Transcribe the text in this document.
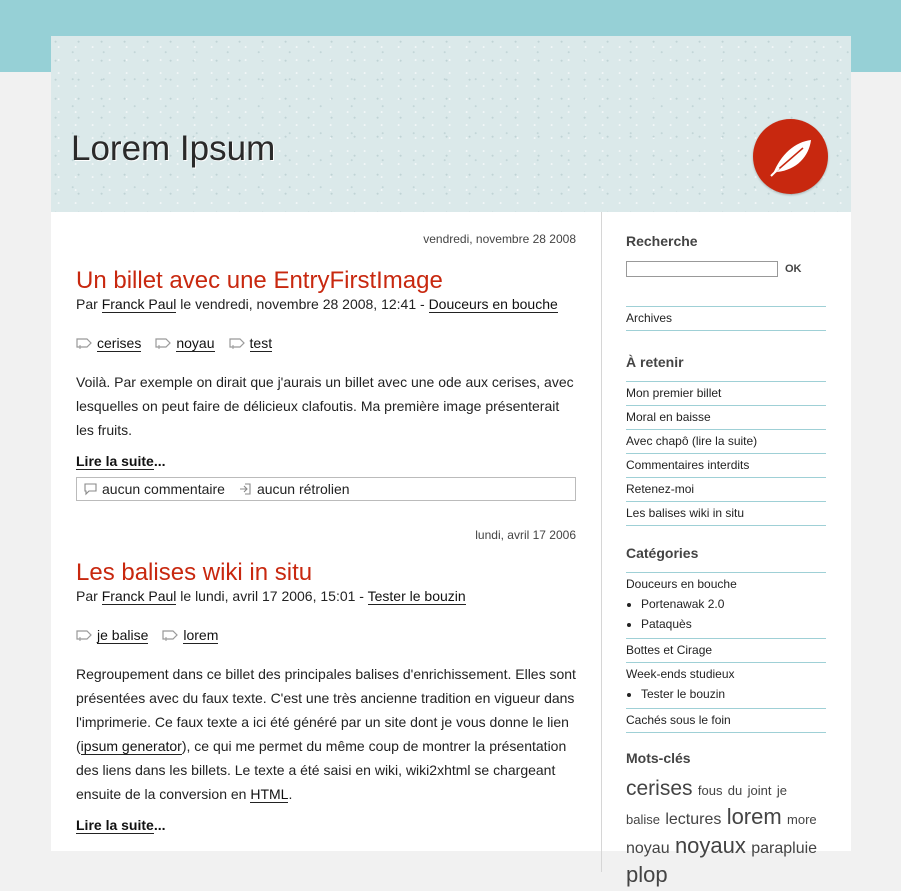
Lorem Ipsum

vendredi, novembre 28 2008

Un billet avec une EntryFirstImage
Par Franck Paul le vendredi, novembre 28 2008, 12:41 - Douceurs en bouche
cerises	noyau	test

Voilà. Par exemple on dirait que j'aurais un billet avec une ode aux cerises, avec lesquelles on peut faire de délicieux clafoutis. Ma première image présenterait les fruits.

Lire la suite...
aucun commentaire aucun rétrolien

lundi, avril 17 2006

Les balises wiki in situ
Par Franck Paul le lundi, avril 17 2006, 15:01 - Tester le bouzin
je balise	lorem

Regroupement dans ce billet des principales balises d'enrichissement. Elles sont présentées avec du faux texte. C'est une très ancienne tradition en vigueur dans l'imprimerie. Ce faux texte a ici été généré par un site dont je vous donne le lien (ipsum generator), ce qui me permet du même coup de montrer la présentation des liens dans les billets. Le texte a été saisi en wiki, wiki2xhtml se chargeant ensuite de la conversion en HTML.

Lire la suite...
Recherche
OK
Archives
À retenir
Mon premier billet
Moral en baisse
Avec chapô (lire la suite)
Commentaires interdits
Retenez-moi
Les balises wiki in situ
Catégories
Douceurs en bouche
• Portenawak 2.0
• Pataquès
Bottes et Cirage
Week-ends studieux
• Tester le bouzin
Cachés sous le foin
Mots-clés
cerises fous du joint je balise lectures lorem more noyau noyaux parapluie plop
